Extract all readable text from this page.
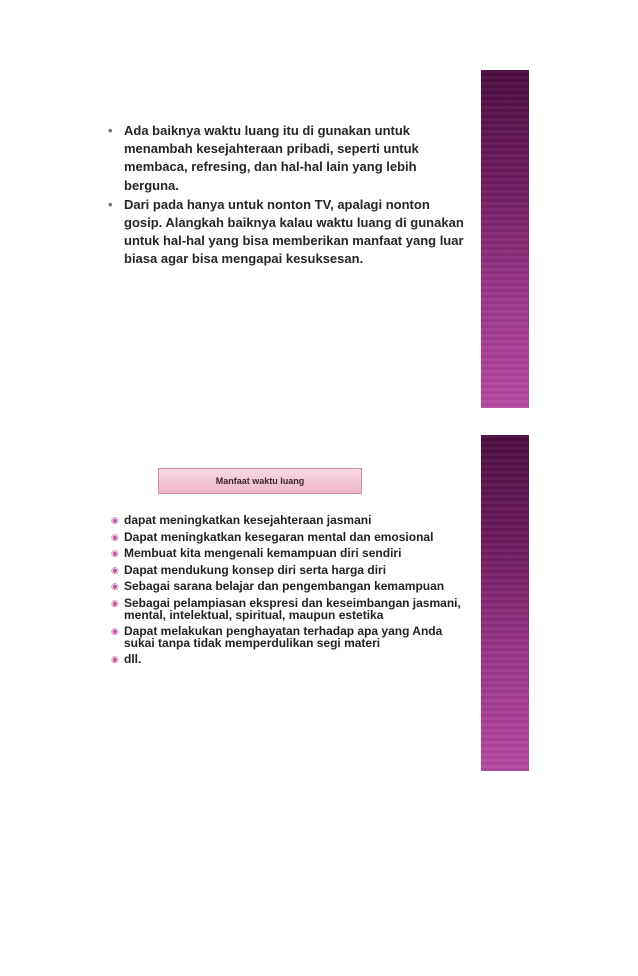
• Ada baiknya waktu luang itu di gunakan untuk menambah kesejahteraan pribadi, seperti untuk membaca, refresing, dan hal-hal lain yang lebih berguna.
• Dari pada hanya untuk nonton TV, apalagi nonton gosip. Alangkah baiknya kalau waktu luang di gunakan untuk hal-hal yang bisa memberikan manfaat yang luar biasa agar bisa mengapai kesuksesan.
Manfaat waktu luang
◉ dapat meningkatkan kesejahteraan jasmani
◉ Dapat meningkatkan kesegaran mental dan emosional
◉ Membuat kita mengenali kemampuan diri sendiri
◉ Dapat mendukung konsep diri serta harga diri
◉ Sebagai sarana belajar dan pengembangan kemampuan
◉ Sebagai pelampiasan ekspresi dan keseimbangan jasmani, mental, intelektual, spiritual, maupun estetika
◉ Dapat melakukan penghayatan terhadap apa yang Anda sukai tanpa tidak memperdulikan segi materi
◉ dll.
